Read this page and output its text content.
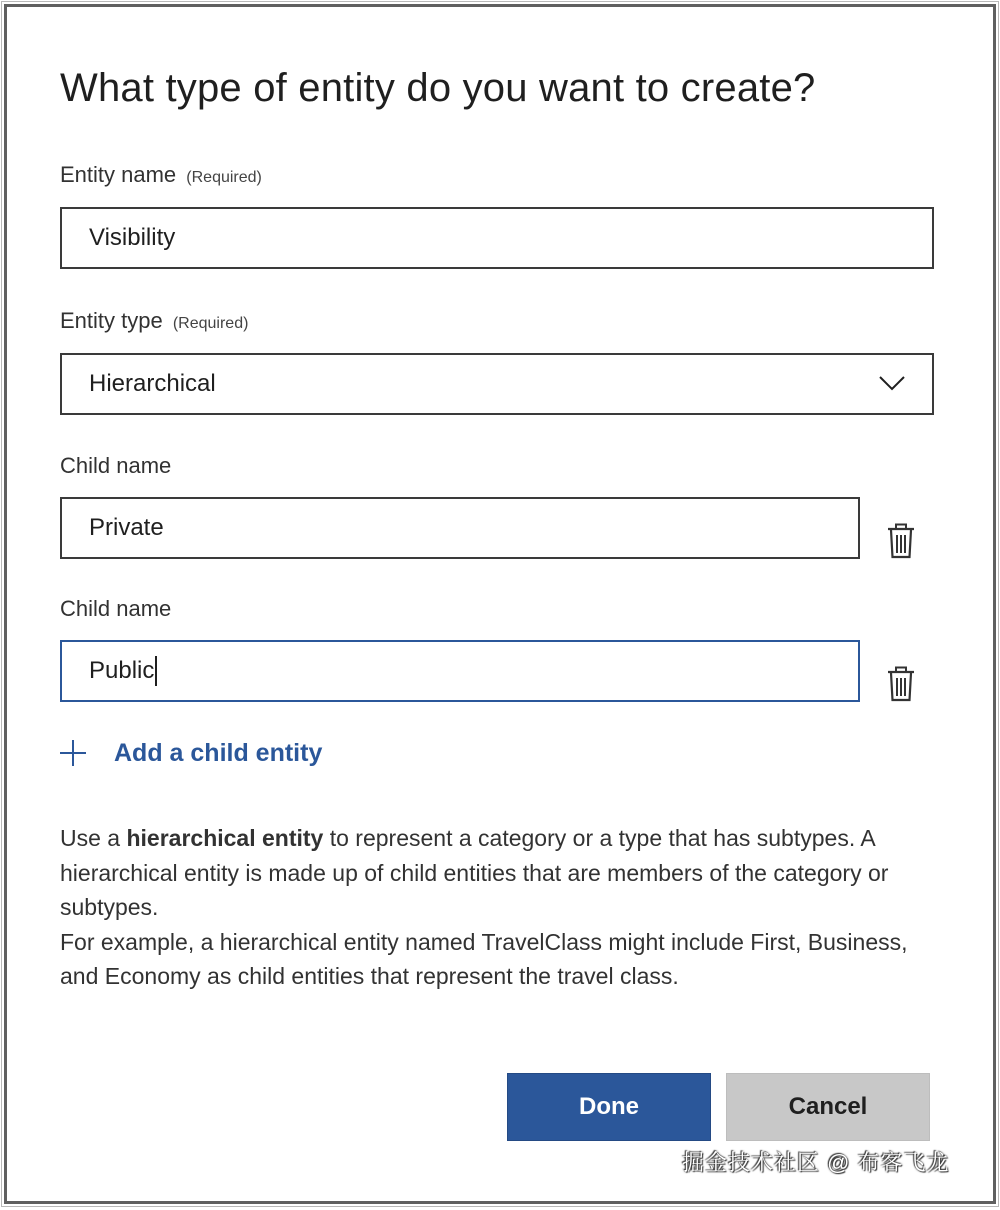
What type of entity do you want to create?
Entity name (Required)
Visibility
Entity type (Required)
Hierarchical
Child name
Private
Child name
Public
Add a child entity

Use a hierarchical entity to represent a category or a type that has subtypes. A hierarchical entity is made up of child entities that are members of the category or subtypes.

For example, a hierarchical entity named TravelClass might include First, Business, and Economy as child entities that represent the travel class.

Done	Cancel
掘金技术社区 @ 布客飞龙
